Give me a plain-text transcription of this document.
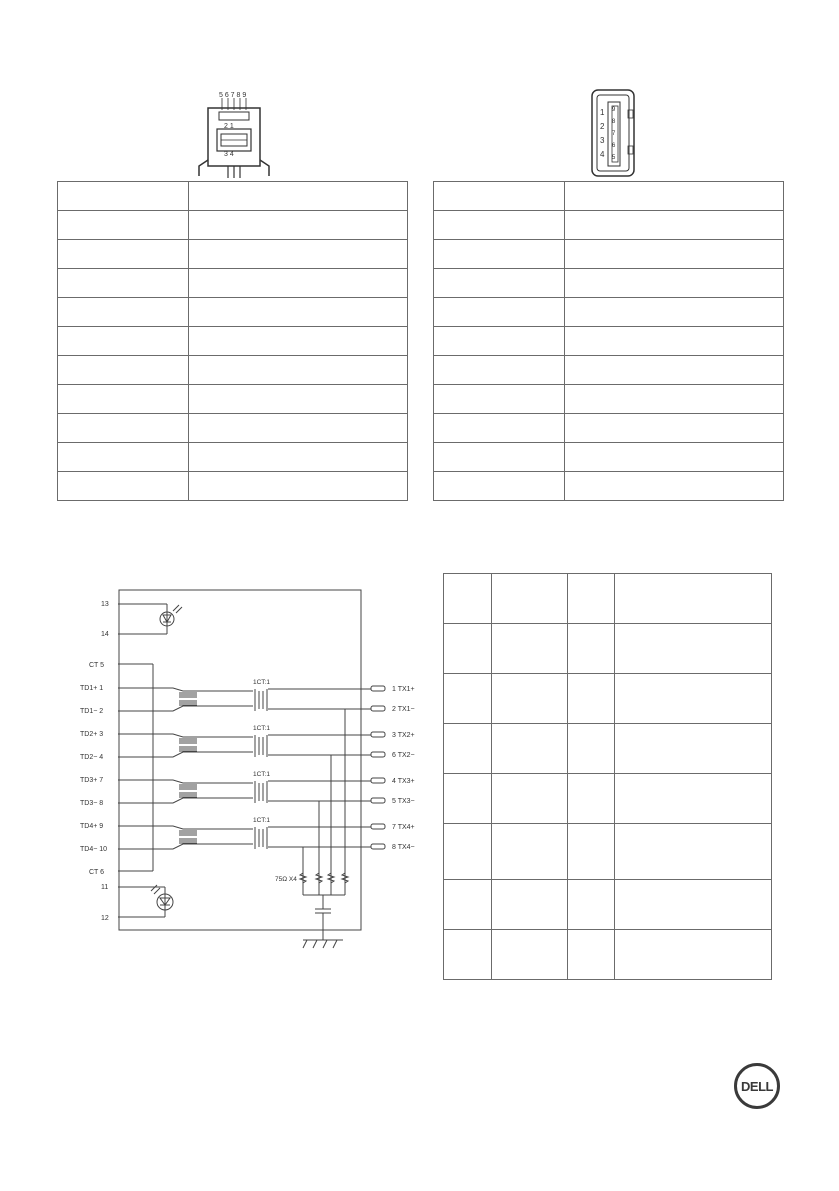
5 6 7 8 9
2 1
3 4
1
2
3
4
9
8
7
6
5

13
14
CT 5
TD1+ 1
TD1− 2
TD2+ 3
TD2− 4
TD3+ 7
TD3− 8
TD4+ 9
TD4− 10
CT 6
11
12
1 TX1+
2 TX1−
3 TX2+
6 TX2−
4 TX3+
5 TX3−
7 TX4+
8 TX4−
1CT:1
1CT:1
1CT:1
1CT:1
75Ω X4

DELL
